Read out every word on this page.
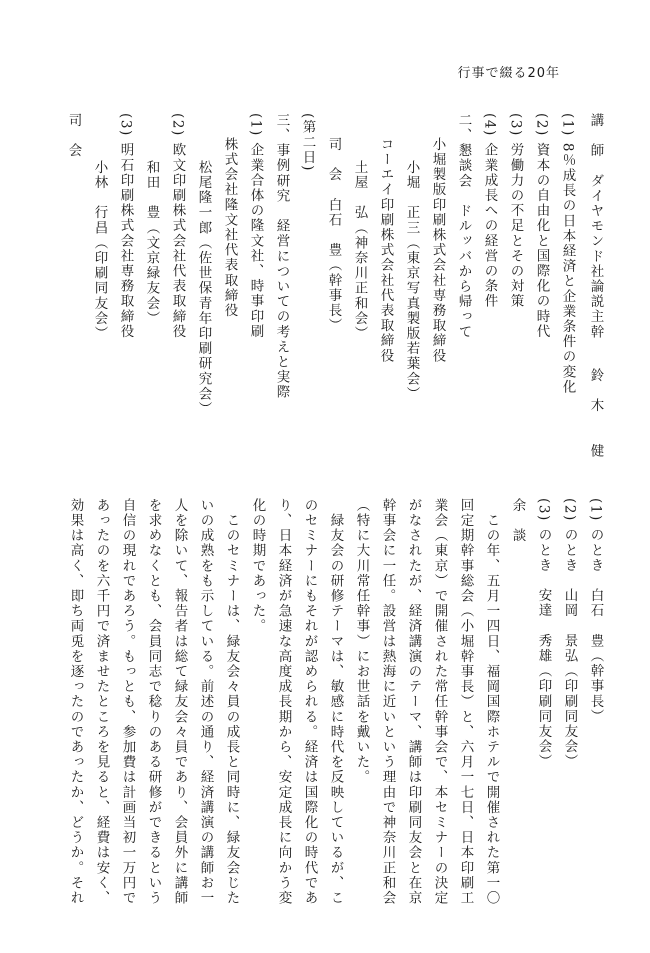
行事で綴る20年
講　師　ダイヤモンド社論説主幹
鈴　木　　健
(1) 8％成長の日本経済と企業条件の変化
(2) 資本の自由化と国際化の時代
(3) 労働力の不足とその対策
(4) 企業成長への経営の条件
二、懇談会　ドルッバから帰って
小堀製版印刷株式会社専務取締役
小堀　正三（東京写真製版若葉会）
コーエイ印刷株式会社代表取締役
土屋　弘（神奈川正和会）
司　会　白石　豊（幹事長）
(第二日)
三、事例研究　経営についての考えと実際
(1) 企業合体の隆文社、時事印刷
株式会社隆文社代表取締役
松尾隆一郎（佐世保青年印刷研究会）
(2) 欧文印刷株式会社代表取締役
和田　豊（文京緑友会）
(3) 明石印刷株式会社専務取締役
小林　行昌（印刷同友会）
司　会
(1) のとき　白石　豊（幹事長）
(2) のとき　山岡　景弘（印刷同友会）
(3) のとき　安達　秀雄（印刷同友会）
余　談
　この年、五月一四日、福岡国際ホテルで開催された第一〇
回定期幹事総会（小堀幹事長）と、六月一七日、日本印刷工
業会（東京）で開催された常任幹事会で、本セミナーの決定
がなされたが、経済講演のテーマ、講師は印刷同友会と在京
幹事会に一任。設営は熱海に近いという理由で神奈川正和会
（特に大川常任幹事）にお世話を戴いた。
　緑友会の研修テーマは、敏感に時代を反映しているが、こ
のセミナーにもそれが認められる。経済は国際化の時代であ
り、日本経済が急速な高度成長期から、安定成長に向かう変
化の時期であった。
　このセミナーは、緑友会々員の成長と同時に、緑友会じた
いの成熟をも示している。前述の通り、経済講演の講師お一
人を除いて、報告者は総て緑友会々員であり、会員外に講師
を求めなくとも、会員同志で稔りのある研修ができるという
自信の現れであろう。もっとも、参加費は計画当初一万円で
あったのを六千円で済ませたところを見ると、経費は安く、
効果は高く、即ち両兎を逐ったのであったか、どうか。それ
